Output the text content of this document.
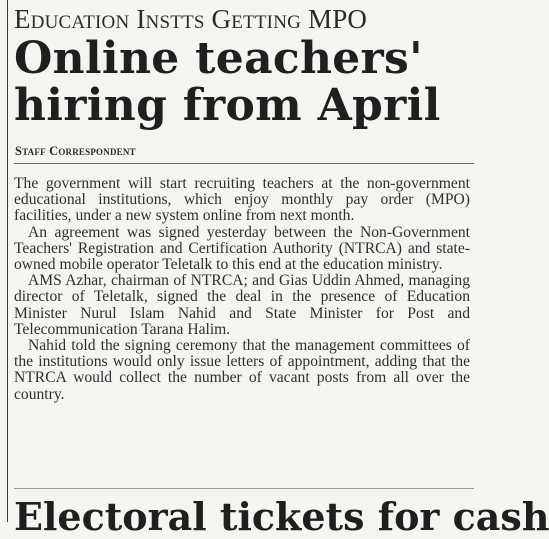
Education Instts Getting MPO
Online teachers'
hiring from April
Staff Correspondent

The government will start recruiting teachers at the non-government educational institutions, which enjoy monthly pay order (MPO) facilities, under a new system online from next month.

An agreement was signed yesterday between the Non-Government Teachers' Registration and Certification Authority (NTRCA) and state-owned mobile operator Teletalk to this end at the education ministry.

AMS Azhar, chairman of NTRCA; and Gias Uddin Ahmed, managing director of Teletalk, signed the deal in the presence of Education Minister Nurul Islam Nahid and State Minister for Post and Telecommunication Tarana Halim.

Nahid told the signing ceremony that the management committees of the institutions would only issue letters of appointment, adding that the NTRCA would collect the number of vacant posts from all over the country.

Electoral tickets for cash
